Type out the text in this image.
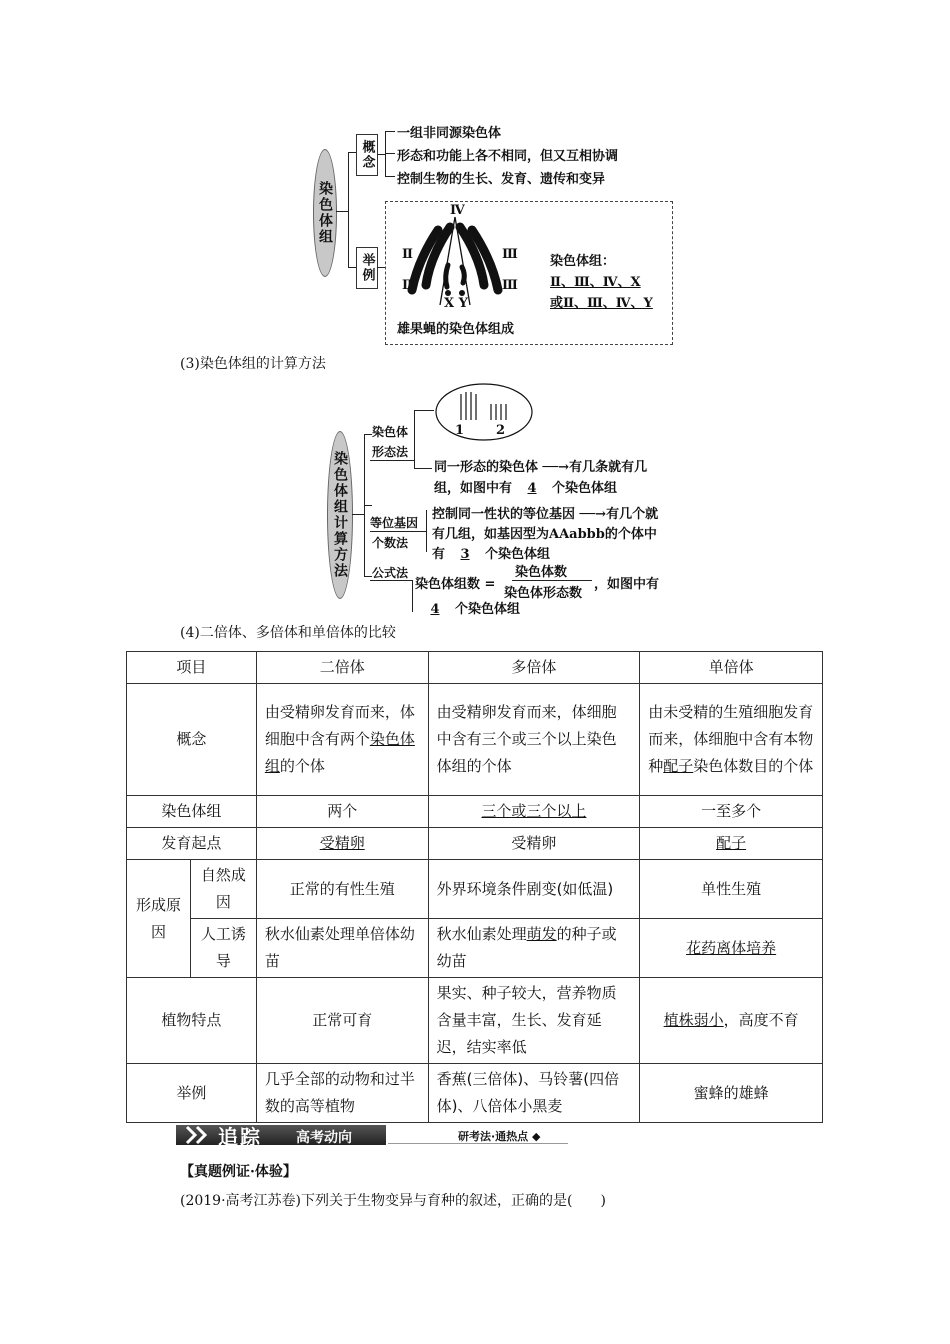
染色体组
概念
一组非同源染色体
形态和功能上各不相同，但又互相协调
控制生物的生长、发育、遗传和变异
举例
Ⅳ
Ⅱ
Ⅱ
Ⅲ
Ⅲ
X Y
雄果蝇的染色体组成
染色体组：
Ⅱ、Ⅲ、Ⅳ、X
或Ⅱ、Ⅲ、Ⅳ、Y
(3)染色体组的计算方法
染色体组计算方法
染色体
形态法
1 2
同一形态的染色体 ──→有几条就有几
组，如图中有 4 个染色体组
等位基因
个数法
控制同一性状的等位基因 ──→有几个就
有几组，如基因型为AAabbb的个体中
有 3 个染色体组
公式法
染色体组数 =
染色体数
染色体形态数
，如图中有
4 个染色体组
(4)二倍体、多倍体和单倍体的比较
项目		二倍体	多倍体	单倍体
概念		由受精卵发育而来，体细胞中含有两个染色体组的个体	由受精卵发育而来，体细胞中含有三个或三个以上染色体组的个体	由未受精的生殖细胞发育而来，体细胞中含有本物种配子染色体数目的个体
染色体组		两个	三个或三个以上	一至多个
发育起点		受精卵	受精卵	配子
形成原因	自然成因	正常的有性生殖	外界环境条件剧变(如低温)	单性生殖
	人工诱导	秋水仙素处理单倍体幼苗	秋水仙素处理萌发的种子或幼苗	花药离体培养
植物特点		正常可育	果实、种子较大，营养物质含量丰富，生长、发育延迟，结实率低	植株弱小，高度不育
举例		几乎全部的动物和过半数的高等植物	香蕉(三倍体)、马铃薯(四倍体)、八倍体小黑麦	蜜蜂的雄蜂
追踪 高考动向	研考法·通热点 ◆
【真题例证·体验】
(2019·高考江苏卷)下列关于生物变异与育种的叙述，正确的是(　　)
